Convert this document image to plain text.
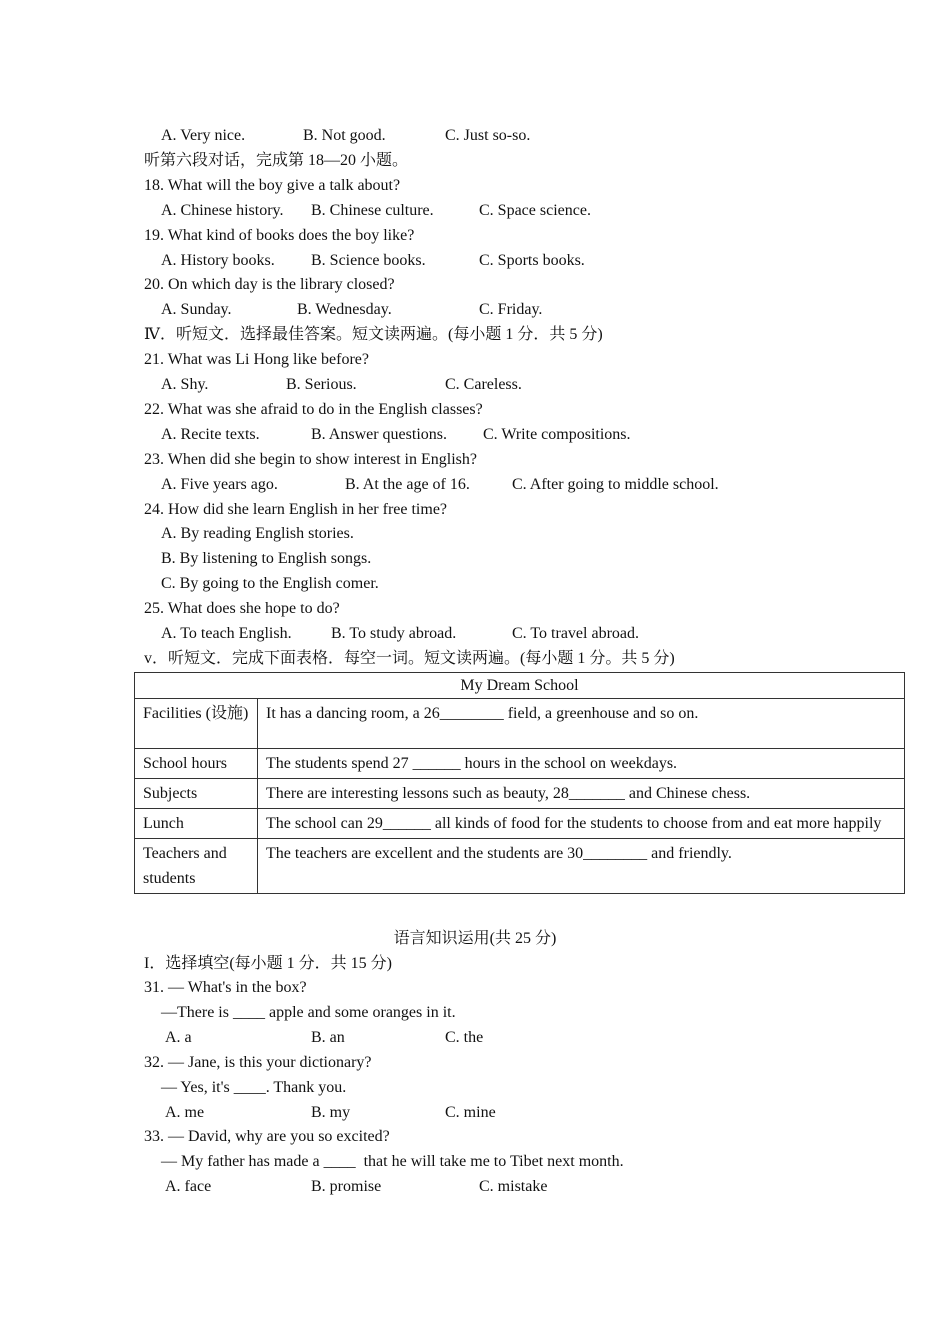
A. Very nice.	B. Not good.	C. Just so-so.
听第六段对话，完成第 18—20 小题。
18. What will the boy give a talk about?
A. Chinese history. B. Chinese culture.	C. Space science.
19. What kind of books does the boy like?
A. History books. B. Science books.	C. Sports books.
20. On which day is the library closed?
A. Sunday.	B. Wednesday.	C. Friday.
Ⅳ．听短文．选择最佳答案。短文读两遍。(每小题 1 分．共 5 分)
21. What was Li Hong like before?
A. Shy.	B. Serious.	C. Careless.
22. What was she afraid to do in the English classes?
A. Recite texts.	B. Answer questions. C. Write compositions.
23. When did she begin to show interest in English?
A. Five years ago.	B. At the age of 16.	C. After going to middle school.
24. How did she learn English in her free time?
A. By reading English stories.
B. By listening to English songs.
C. By going to the English comer.
25. What does she hope to do?
A. To teach English. B. To study abroad.	C. To travel abroad.
v．听短文．完成下面表格．每空一词。短文读两遍。(每小题 1 分。共 5 分)
My Dream School	
Facilities (设施)	It has a dancing room, a 26________ field, a greenhouse and so on.
School hours	The students spend 27 ______ hours in the school on weekdays.
Subjects	There are interesting lessons such as beauty, 28_______ and Chinese chess.
Lunch	The school can 29______ all kinds of food for the students to choose from and eat more happily
Teachers and students	The teachers are excellent and the students are 30________ and friendly.
语言知识运用(共 25 分)
I．选择填空(每小题 1 分．共 15 分)
31. — What's in the box?
—There is ____ apple and some oranges in it.
A. a	B. an	C. the
32. — Jane, is this your dictionary?
— Yes, it's ____. Thank you.
A. me	B. my	C. mine
33. — David, why are you so excited?
— My father has made a ____  that he will take me to Tibet next month.
A. face	B. promise	C. mistake
